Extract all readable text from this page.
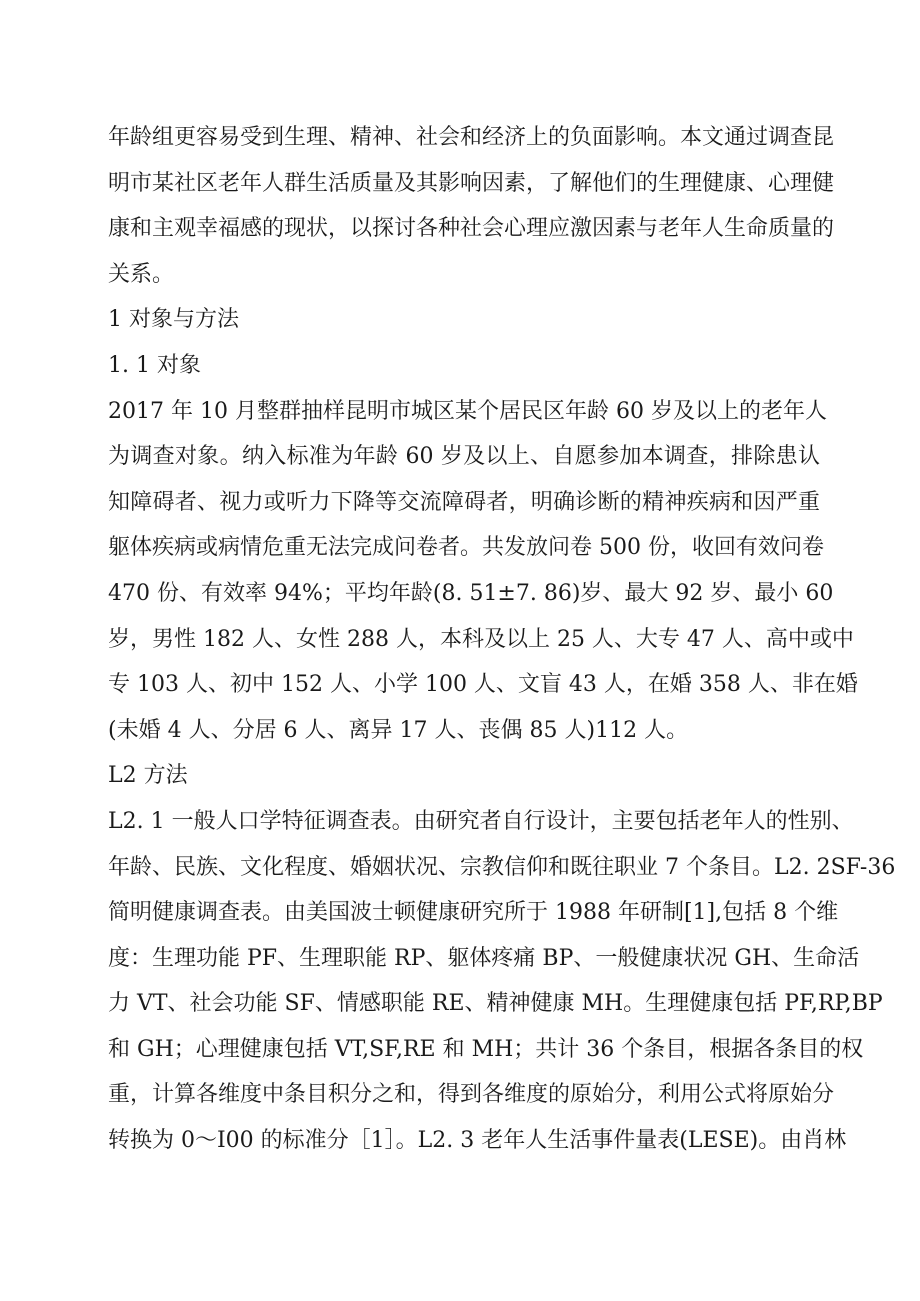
年龄组更容易受到生理、精神、社会和经济上的负面影响。本文通过调查昆
明市某社区老年人群生活质量及其影响因素，了解他们的生理健康、心理健
康和主观幸福感的现状，以探讨各种社会心理应激因素与老年人生命质量的
关系。
1 对象与方法
1. 1 对象
2017 年 10 月整群抽样昆明市城区某个居民区年龄 60 岁及以上的老年人
为调查对象。纳入标准为年龄 60 岁及以上、自愿参加本调查，排除患认
知障碍者、视力或听力下降等交流障碍者，明确诊断的精神疾病和因严重
躯体疾病或病情危重无法完成问卷者。共发放问卷 500 份，收回有效问卷
470 份、有效率 94%；平均年龄(8. 51±7. 86)岁、最大 92 岁、最小 60
岁，男性 182 人、女性 288 人，本科及以上 25 人、大专 47 人、高中或中
专 103 人、初中 152 人、小学 100 人、文盲 43 人，在婚 358 人、非在婚
(未婚 4 人、分居 6 人、离异 17 人、丧偶 85 人)112 人。
L2 方法
L2. 1 一般人口学特征调查表。由研究者自行设计，主要包括老年人的性别、
年龄、民族、文化程度、婚姻状况、宗教信仰和既往职业 7 个条目。L2. 2SF-36
简明健康调查表。由美国波士顿健康研究所于 1988 年研制[1],包括 8 个维
度：生理功能 PF、生理职能 RP、躯体疼痛 BP、一般健康状况 GH、生命活
力 VT、社会功能 SF、情感职能 RE、精神健康 MH。生理健康包括 PF,RP,BP
和 GH；心理健康包括 VT,SF,RE 和 MH；共计 36 个条目，根据各条目的权
重，计算各维度中条目积分之和，得到各维度的原始分，利用公式将原始分
转换为 0～I00 的标准分［1］。L2. 3 老年人生活事件量表(LESE)。由肖林
